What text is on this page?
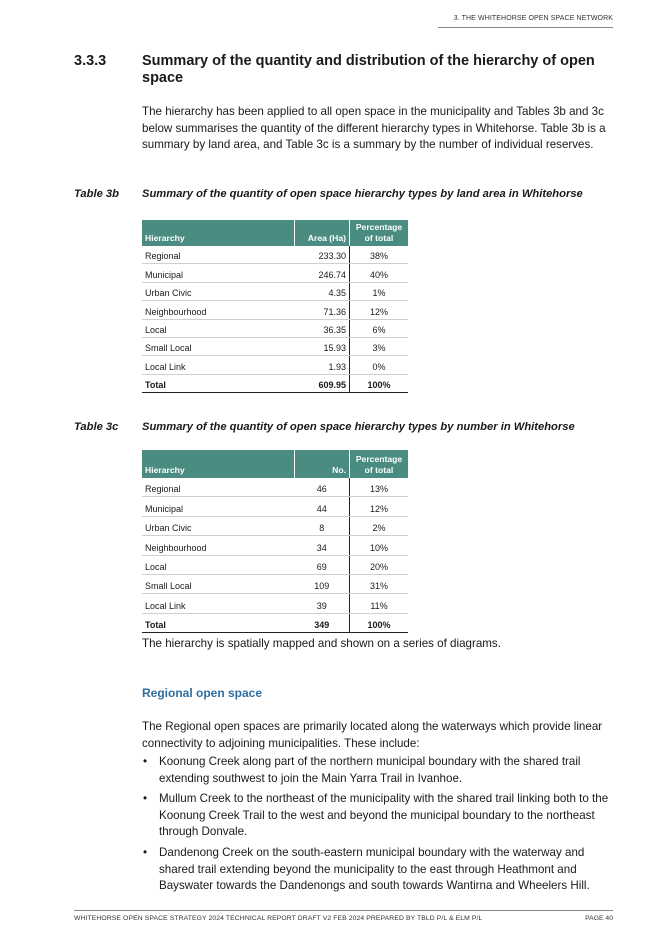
3. THE WHITEHORSE OPEN SPACE NETWORK
3.3.3 Summary of the quantity and distribution of the hierarchy of open space
The hierarchy has been applied to all open space in the municipality and Tables 3b and 3c below summarises the quantity of the different hierarchy types in Whitehorse. Table 3b is a summary by land area, and Table 3c is a summary by the number of individual reserves.
Table 3b Summary of the quantity of open space hierarchy types by land area in Whitehorse
Hierarchy	Area (Ha)	Percentage of total
Regional	233.30	38%
Municipal	246.74	40%
Urban Civic	4.35	1%
Neighbourhood	71.36	12%
Local	36.35	6%
Small Local	15.93	3%
Local Link	1.93	0%
Total	609.95	100%
Table 3c Summary of the quantity of open space hierarchy types by number in Whitehorse
Hierarchy	No.	Percentage of total
Regional	46	13%
Municipal	44	12%
Urban Civic	8	2%
Neighbourhood	34	10%
Local	69	20%
Small Local	109	31%
Local Link	39	11%
Total	349	100%
The hierarchy is spatially mapped and shown on a series of diagrams.
Regional open space
The Regional open spaces are primarily located along the waterways which provide linear connectivity to adjoining municipalities. These include:
• Koonung Creek along part of the northern municipal boundary with the shared trail extending southwest to join the Main Yarra Trail in Ivanhoe.
• Mullum Creek to the northeast of the municipality with the shared trail linking both to the Koonung Creek Trail to the west and beyond the municipal boundary to the northeast through Donvale.
• Dandenong Creek on the south-eastern municipal boundary with the waterway and shared trail extending beyond the municipality to the east through Heathmont and Bayswater towards the Dandenongs and south towards Wantirna and Wheelers Hill.
WHITEHORSE OPEN SPACE STRATEGY 2024 TECHNICAL REPORT DRAFT V2 FEB 2024 PREPARED BY TBLD P/L & ELM P/L	PAGE 40
